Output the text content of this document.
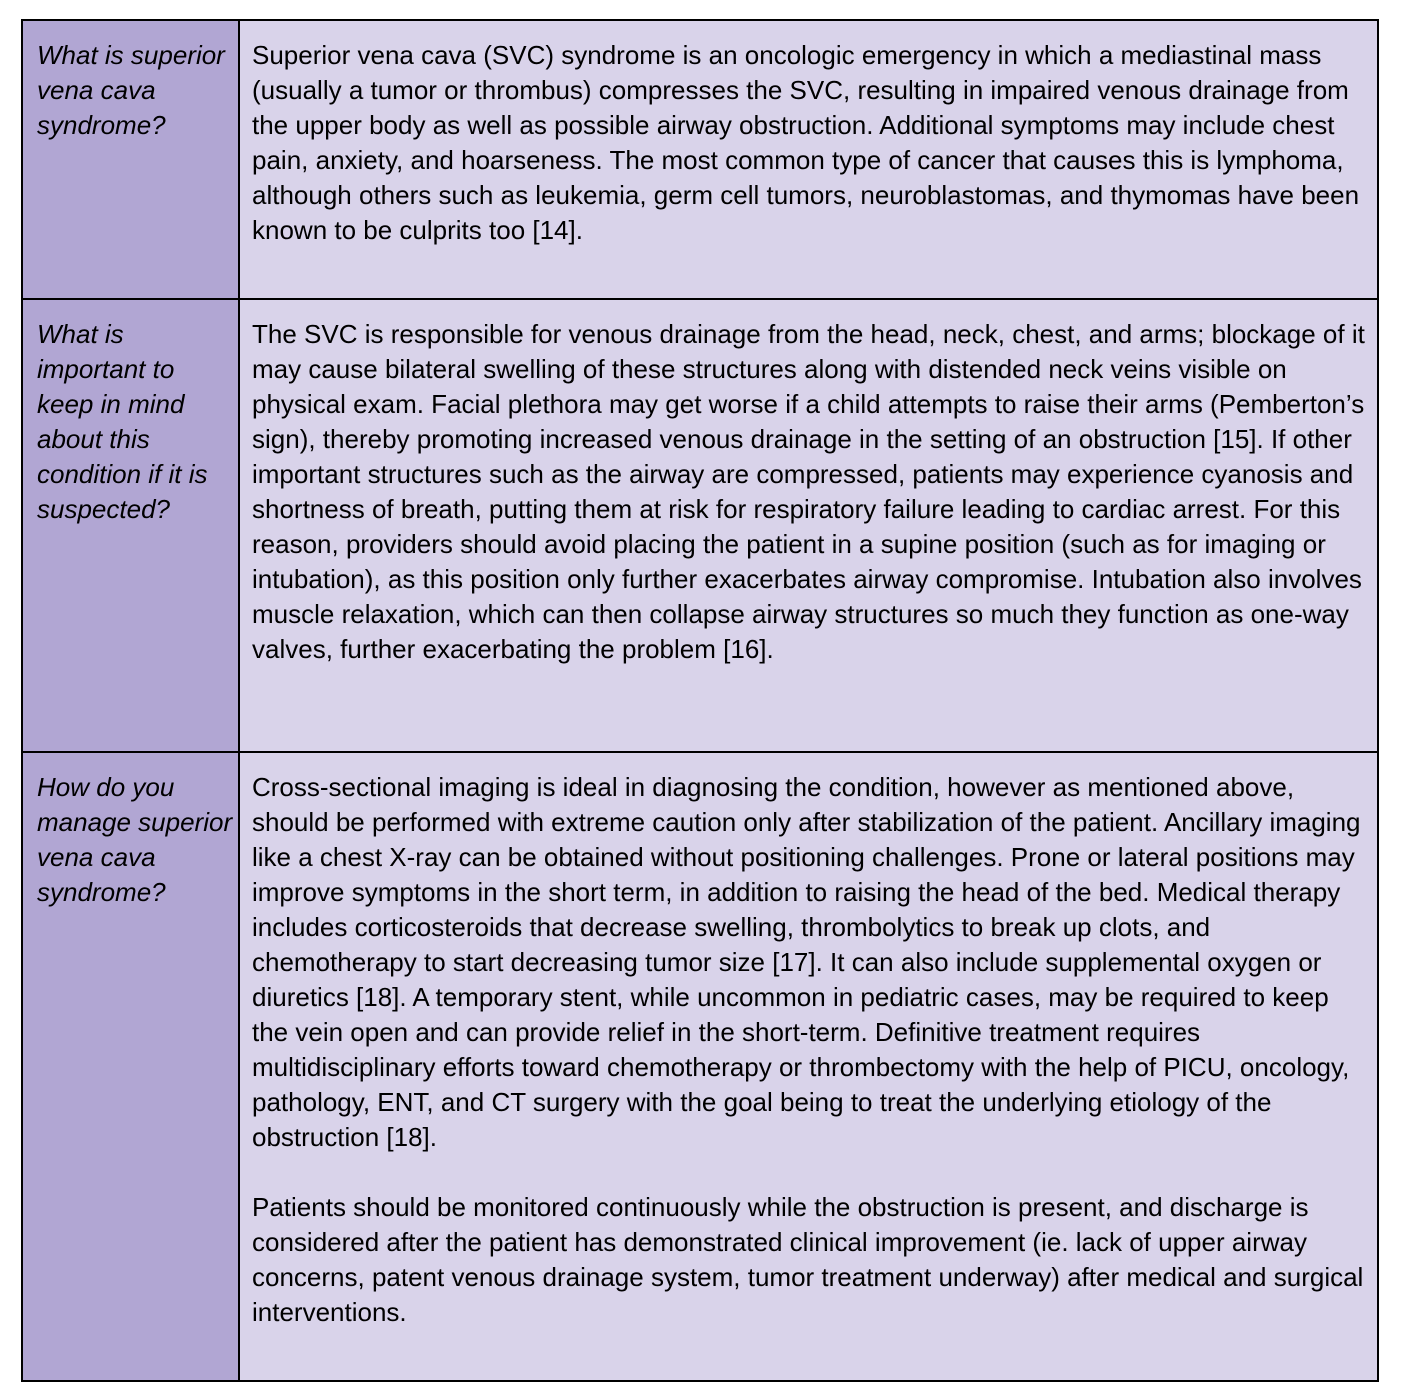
What is superior vena cava syndrome?	Superior vena cava (SVC) syndrome is an oncologic emergency in which a mediastinal mass (usually a tumor or thrombus) compresses the SVC, resulting in impaired venous drainage from the upper body as well as possible airway obstruction. Additional symptoms may include chest pain, anxiety, and hoarseness. The most common type of cancer that causes this is lymphoma, although others such as leukemia, germ cell tumors, neuroblastomas, and thymomas have been known to be culprits too [14].

What is important to keep in mind about this condition if it is suspected?	The SVC is responsible for venous drainage from the head, neck, chest, and arms; blockage of it may cause bilateral swelling of these structures along with distended neck veins visible on physical exam. Facial plethora may get worse if a child attempts to raise their arms (Pemberton’s sign), thereby promoting increased venous drainage in the setting of an obstruction [15]. If other important structures such as the airway are compressed, patients may experience cyanosis and shortness of breath, putting them at risk for respiratory failure leading to cardiac arrest. For this reason, providers should avoid placing the patient in a supine position (such as for imaging or intubation), as this position only further exacerbates airway compromise. Intubation also involves muscle relaxation, which can then collapse airway structures so much they function as one-way valves, further exacerbating the problem [16].

How do you manage superior vena cava syndrome?	Cross-sectional imaging is ideal in diagnosing the condition, however as mentioned above, should be performed with extreme caution only after stabilization of the patient. Ancillary imaging like a chest X-ray can be obtained without positioning challenges. Prone or lateral positions may improve symptoms in the short term, in addition to raising the head of the bed. Medical therapy includes corticosteroids that decrease swelling, thrombolytics to break up clots, and chemotherapy to start decreasing tumor size [17]. It can also include supplemental oxygen or diuretics [18]. A temporary stent, while uncommon in pediatric cases, may be required to keep the vein open and can provide relief in the short-term. Definitive treatment requires multidisciplinary efforts toward chemotherapy or thrombectomy with the help of PICU, oncology, pathology, ENT, and CT surgery with the goal being to treat the underlying etiology of the obstruction [18].

Patients should be monitored continuously while the obstruction is present, and discharge is considered after the patient has demonstrated clinical improvement (ie. lack of upper airway concerns, patent venous drainage system, tumor treatment underway) after medical and surgical interventions.
